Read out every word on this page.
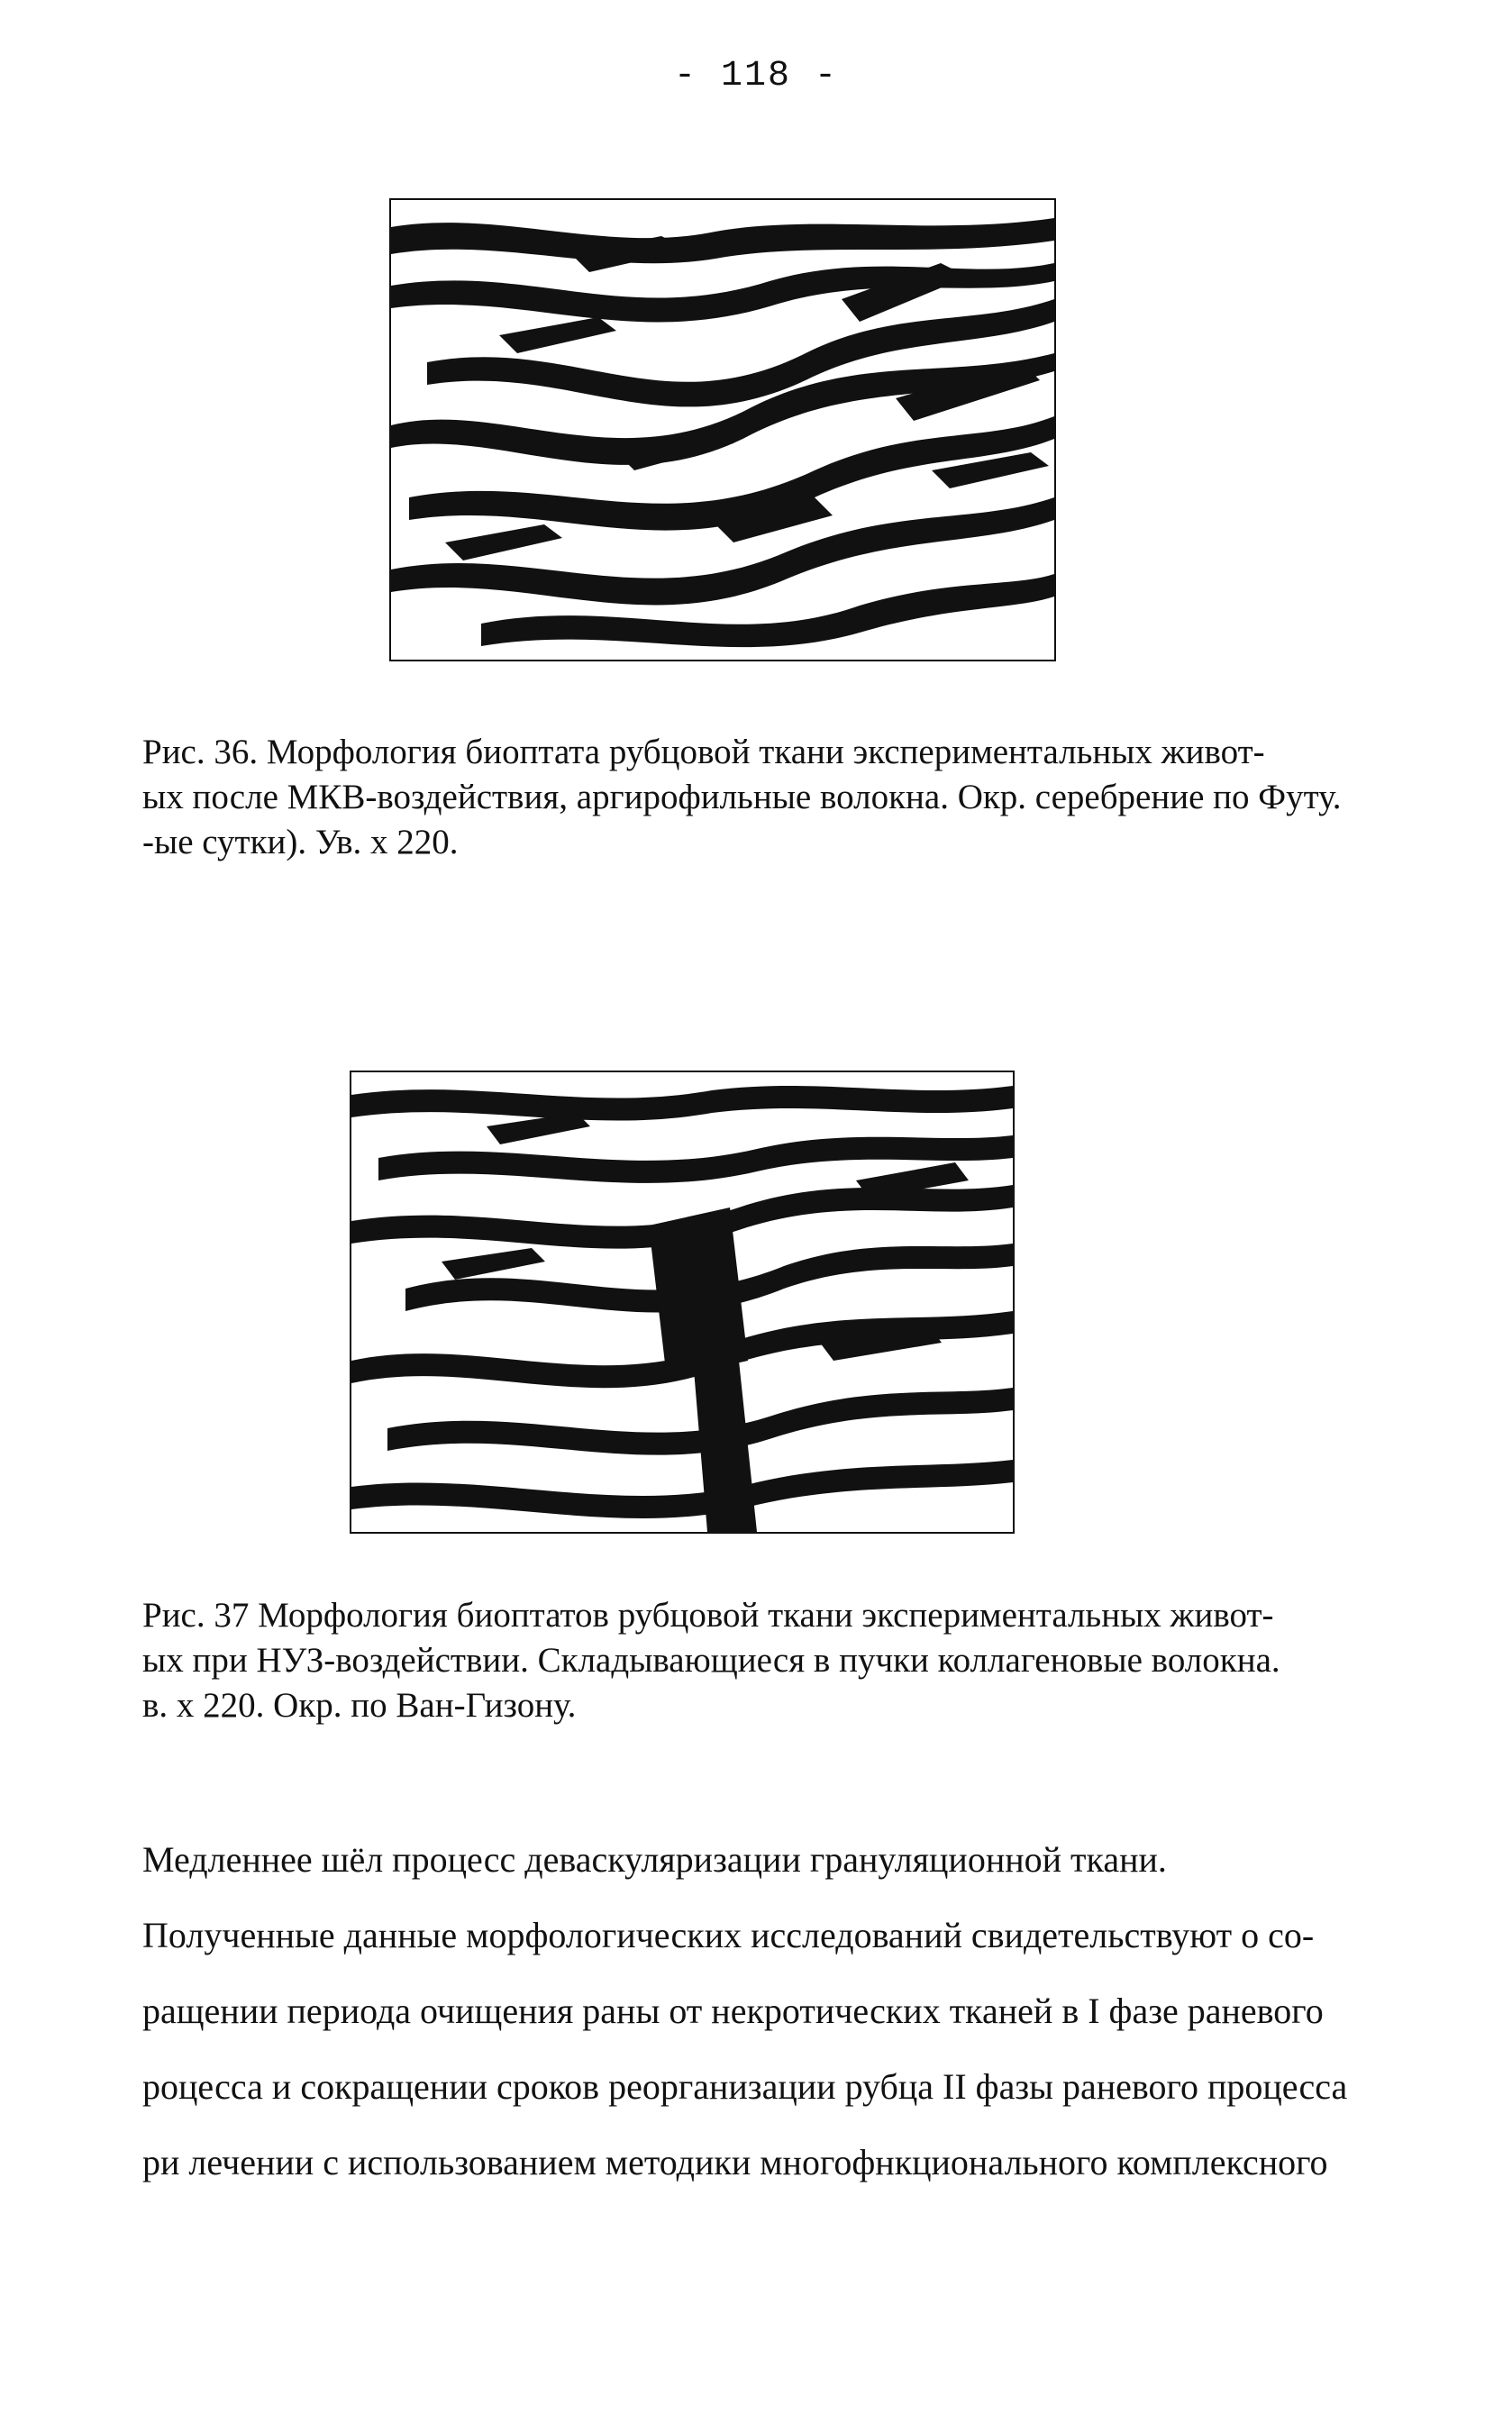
- 118 -

Рис. 36. Морфология биоптата рубцовой ткани экспериментальных живот-

ых после МКВ-воздействия, аргирофильные волокна. Окр. серебрение по Футу.

-ые сутки). Ув. х 220.

Рис. 37 Морфология биоптатов рубцовой ткани экспериментальных живот-

ых при НУЗ-воздействии. Складывающиеся в пучки коллагеновые волокна.

в. х 220. Окр. по Ван-Гизону.

Медленнее шёл процесс деваскуляризации грануляционной ткани.

Полученные данные морфологических исследований свидетельствуют о со-

ращении периода очищения раны от некротических тканей в I фазе раневого

роцесса и сокращении сроков реорганизации рубца II фазы раневого процесса

ри лечении с использованием методики многофнкционального комплексного
